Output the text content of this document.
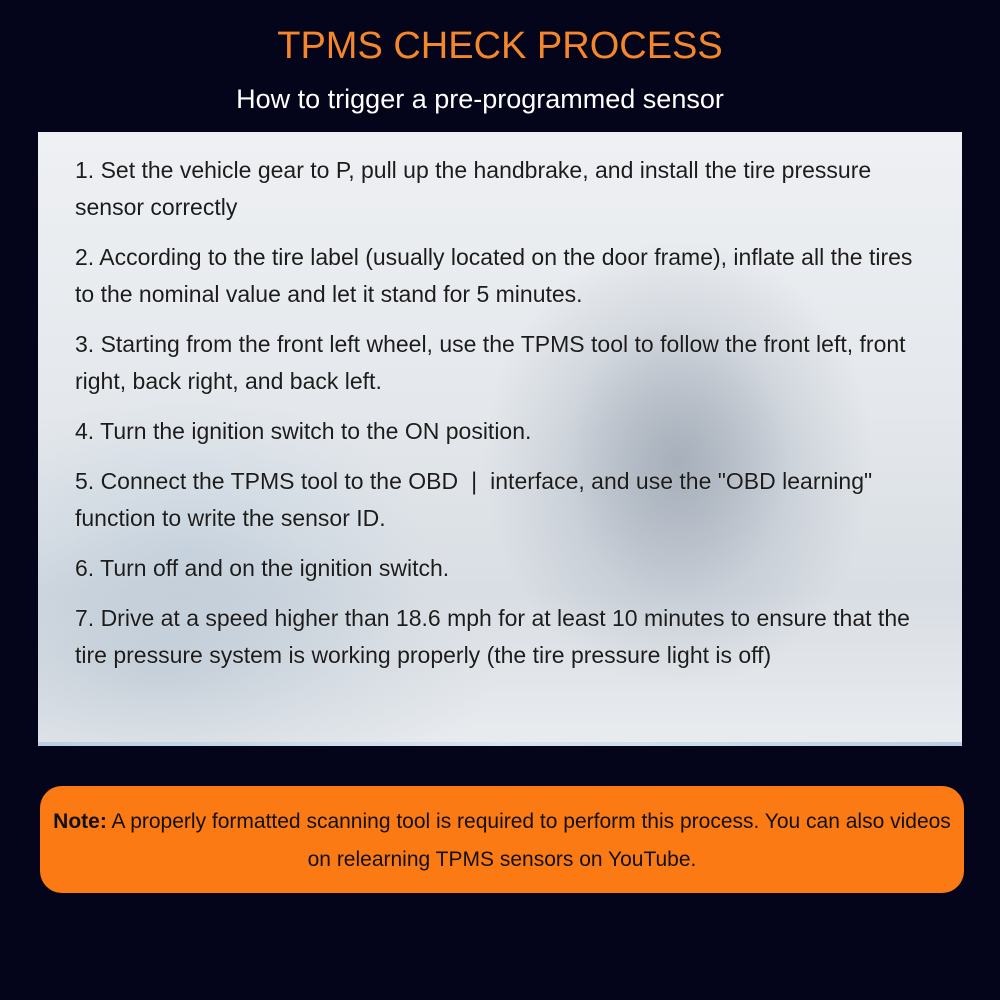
TPMS CHECK PROCESS
How to trigger a pre-programmed sensor
1. Set the vehicle gear to P, pull up the handbrake, and install the tire pressure sensor correctly
2. According to the tire label (usually located on the door frame), inflate all the tires to the nominal value and let it stand for 5 minutes.
3. Starting from the front left wheel, use the TPMS tool to follow the front left, front right, back right, and back left.
4. Turn the ignition switch to the ON position.
5. Connect the TPMS tool to the OBD ❘ interface, and use the "OBD learning" function to write the sensor ID.
6. Turn off and on the ignition switch.
7. Drive at a speed higher than 18.6 mph for at least 10 minutes to ensure that the tire pressure system is working properly (the tire pressure light is off)
Note: A properly formatted scanning tool is required to perform this process. You can also videos on relearning TPMS sensors on YouTube.
